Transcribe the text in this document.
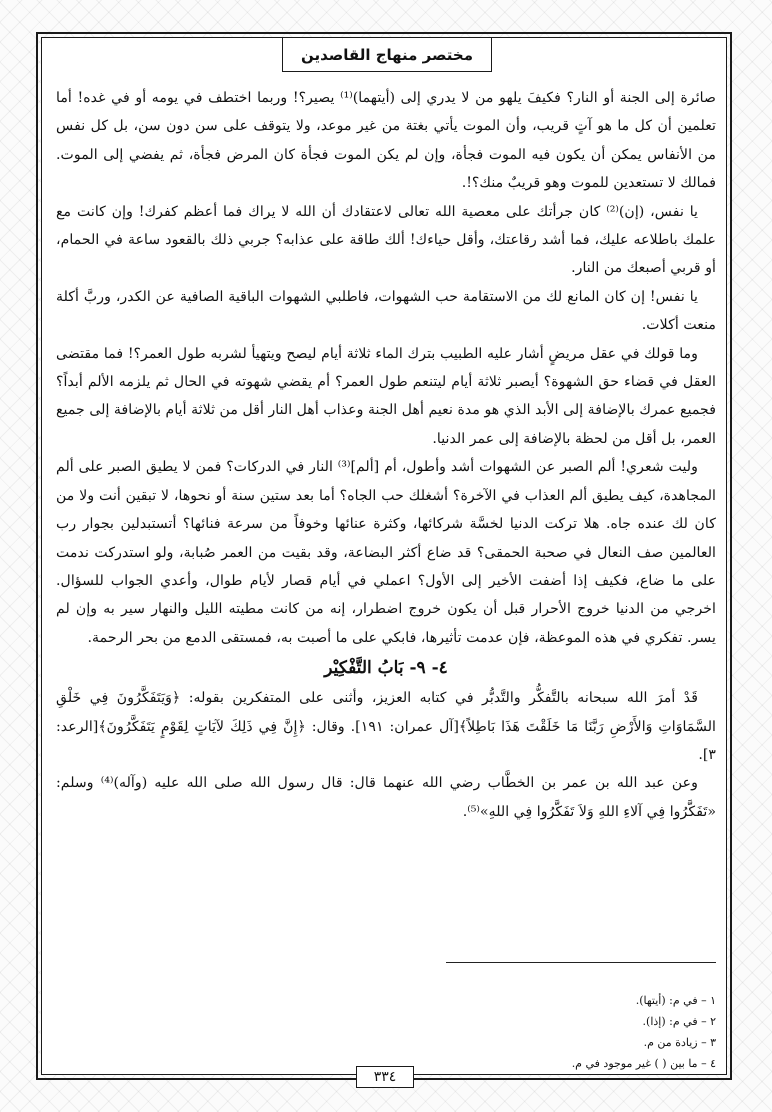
مختصر منهاج القاصدين

صائرة إلى الجنة أو النار؟ فكيفَ يلهو من لا يدري إلى (أيتهما)⁽¹⁾ يصير؟! وربما اختطف في يومه أو في غده! أما تعلمين أن كل ما هو آتٍ قريب، وأن الموت يأتي بغتة من غير موعد، ولا يتوقف على سن دون سن، بل كل نفس من الأنفاس يمكن أن يكون فيه الموت فجأة، وإن لم يكن الموت فجأة كان المرض فجأة، ثم يفضي إلى الموت. فمالك لا تستعدين للموت وهو قريبٌ منك؟!.

يا نفس، (إن)⁽²⁾ كان جرأتك على معصية الله تعالى لاعتقادك أن الله لا يراك فما أعظم كفرك! وإن كانت مع علمك باطلاعه عليك، فما أشد رقاعتك، وأقل حياءك! ألك طاقة على عذابه؟ جربي ذلك بالقعود ساعة في الحمام، أو قربي أصبعك من النار.

يا نفس! إن كان المانع لك من الاستقامة حب الشهوات، فاطلبي الشهوات الباقية الصافية عن الكدر، وربَّ أكلة منعت أكلات.

وما قولك في عقل مريضٍ أشار عليه الطبيب بترك الماء ثلاثة أيام ليصح ويتهيأ لشربه طول العمر؟! فما مقتضى العقل في قضاء حق الشهوة؟ أيصبر ثلاثة أيام ليتنعم طول العمر؟ أم يقضي شهوته في الحال ثم يلزمه الألم أبداً؟ فجميع عمرك بالإضافة إلى الأبد الذي هو مدة نعيم أهل الجنة وعذاب أهل النار أقل من ثلاثة أيام بالإضافة إلى جميع العمر، بل أقل من لحظة بالإضافة إلى عمر الدنيا.

وليت شعري! ألم الصبر عن الشهوات أشد وأطول، أم [ألم]⁽³⁾ النار في الدركات؟ فمن لا يطيق الصبر على ألم المجاهدة، كيف يطيق ألم العذاب في الآخرة؟ أشغلك حب الجاه؟ أما بعد ستين سنة أو نحوها، لا تبقين أنت ولا من كان لك عنده جاه. هلا تركت الدنيا لخسَّة شركائها، وكثرة عنائها وخوفاً من سرعة فنائها؟ أتستبدلين بجوار رب العالمين صف النعال في صحبة الحمقى؟ قد ضاع أكثر البضاعة، وقد بقيت من العمر صُبابة، ولو استدركت ندمت على ما ضاع، فكيف إذا أضفت الأخير إلى الأول؟ اعملي في أيام قصار لأيام طوال، وأعدي الجواب للسؤال. اخرجي من الدنيا خروج الأحرار قبل أن يكون خروج اضطرار، إنه من كانت مطيته الليل والنهار سير به وإن لم يسر. تفكري في هذه الموعظة، فإن عدمت تأثيرها، فابكي على ما أصبت به، فمستقى الدمع من بحر الرحمة.

٤- ٩- بَابُ التَّفْكِيْر

قَدْ أمرَ الله سبحانه بالتَّفكُّر والتَّدبُّر في كتابه العزيز، وأثنى على المتفكرين بقوله: ﴿وَيَتَفَكَّرُونَ فِي خَلْقِ السَّمَاوَاتِ وَالأَرْضِ رَبَّنَا مَا خَلَقْتَ هَذَا بَاطِلاً﴾[آل عمران: ١٩١]. وقال: ﴿إِنَّ فِي ذَلِكَ لآيَاتٍ لِقَوْمٍ يَتَفَكَّرُونَ﴾[الرعد: ٣].

وعن عبد الله بن عمر بن الخطَّاب رضي الله عنهما قال: قال رسول الله صلى الله عليه (وآله)⁽⁴⁾ وسلم: «تَفَكَّرُوا فِي آلاءِ اللهِ وَلاَ تَفَكَّرُوا فِي اللهِ»⁽⁵⁾.

١ – في م: (أيتها).
٢ – في م: (إذا).
٣ – زيادة من م.
٤ – ما بين ( ) غير موجود في م.
٣٣٤
